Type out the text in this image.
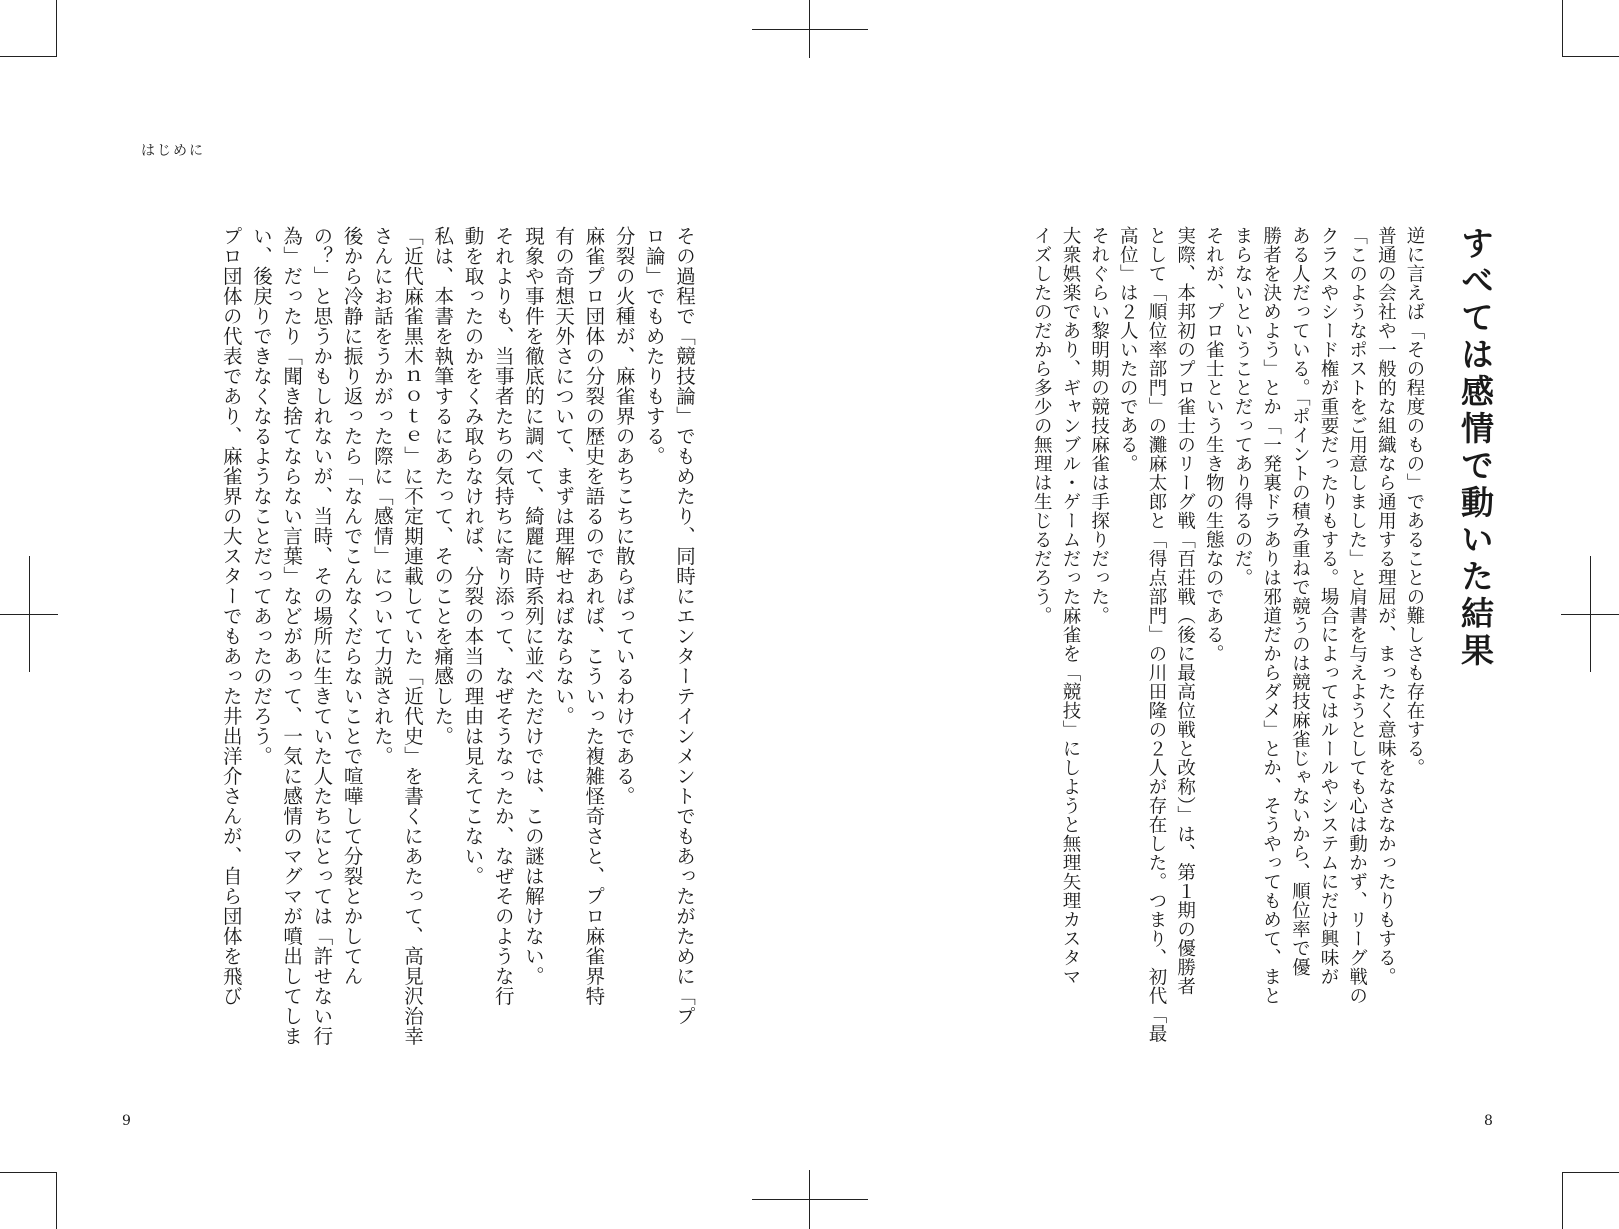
はじめに
すべては感情で動いた結果
逆に言えば「その程度のもの」であることの難しさも存在する。
普通の会社や一般的な組織なら通用する理屈が、まったく意味をなさなかったりもする。
「このようなポストをご用意しました」と肩書を与えようとしても心は動かず、リーグ戦の
クラスやシード権が重要だったりもする。場合によってはルールやシステムにだけ興味が
ある人だっている。「ポイントの積み重ねで競うのは競技麻雀じゃないから、順位率で優
勝者を決めよう」とか「一発裏ドラありは邪道だからダメ」とか、そうやってもめて、まと
まらないということだってあり得るのだ。
それが、プロ雀士という生き物の生態なのである。
実際、本邦初のプロ雀士のリーグ戦「百荘戦（後に最高位戦と改称）」は、第１期の優勝者
として「順位率部門」の灘麻太郎と「得点部門」の川田隆の２人が存在した。つまり、初代「最
高位」は２人いたのである。
それぐらい黎明期の競技麻雀は手探りだった。
大衆娯楽であり、ギャンブル・ゲームだった麻雀を「競技」にしようと無理矢理カスタマ
イズしたのだから多少の無理は生じるだろう。
その過程で「競技論」でもめたり、同時にエンターテインメントでもあったがために「プ
ロ論」でもめたりもする。
分裂の火種が、麻雀界のあちこちに散らばっているわけである。
麻雀プロ団体の分裂の歴史を語るのであれば、こういった複雑怪奇さと、プロ麻雀界特
有の奇想天外さについて、まずは理解せねばならない。
現象や事件を徹底的に調べて、綺麗に時系列に並べただけでは、この謎は解けない。
それよりも、当事者たちの気持ちに寄り添って、なぜそうなったか、なぜそのような行
動を取ったのかをくみ取らなければ、分裂の本当の理由は見えてこない。
私は、本書を執筆するにあたって、そのことを痛感した。
「近代麻雀黒木ｎｏｔｅ」に不定期連載していた「近代史」を書くにあたって、高見沢治幸
さんにお話をうかがった際に「感情」について力説された。
後から冷静に振り返ったら「なんでこんなくだらないことで喧嘩して分裂とかしてん
の？」と思うかもしれないが、当時、その場所に生きていた人たちにとっては「許せない行
為」だったり「聞き捨てならない言葉」などがあって、一気に感情のマグマが噴出してしま
い、後戻りできなくなるようなことだってあったのだろう。
プロ団体の代表であり、麻雀界の大スターでもあった井出洋介さんが、自ら団体を飛び
9	8
